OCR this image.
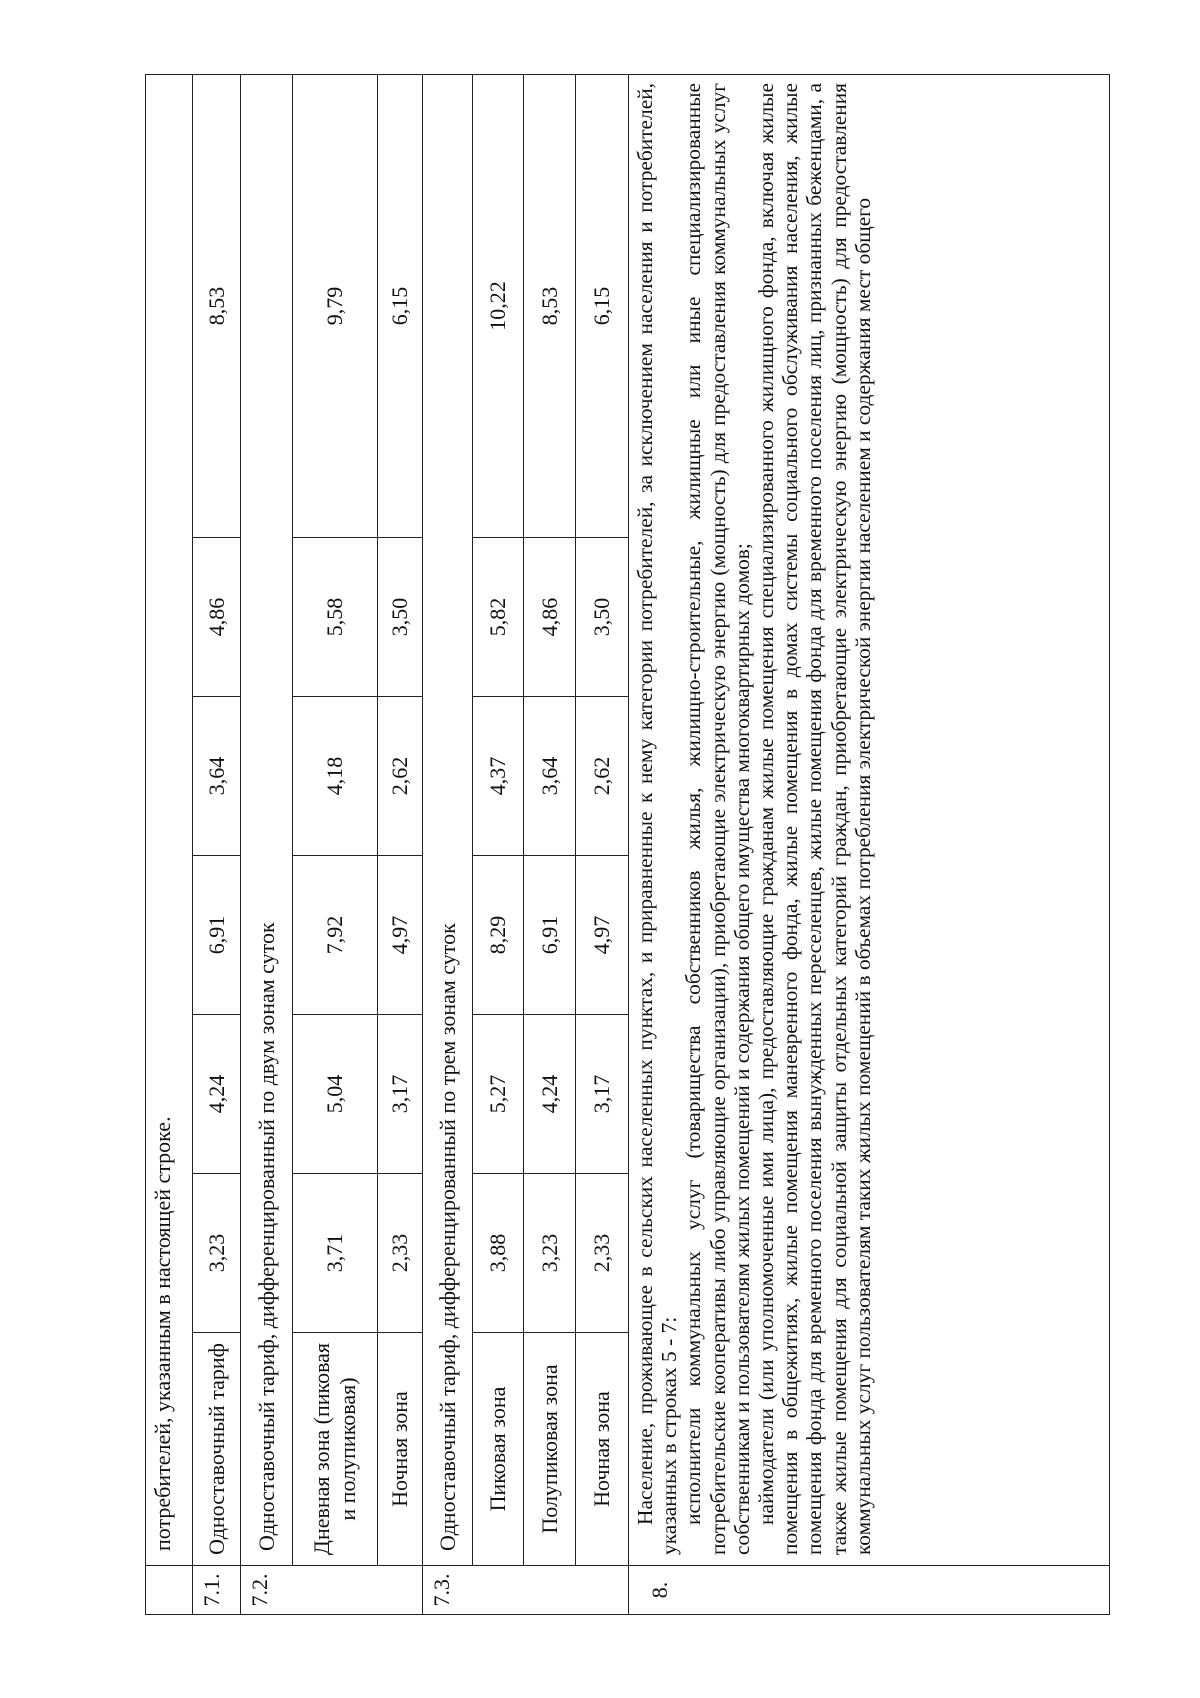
	потребителей, указанным в настоящей строке.						
7.1.	Одноставочный тариф	3,23	4,24	6,91	3,64	4,86	8,53
7.2.	Одноставочный тариф, дифференцированный по двум зонам суток						
	Дневная зона (пиковая и полупиковая)	3,71	5,04	7,92	4,18	5,58	9,79
	Ночная зона	2,33	3,17	4,97	2,62	3,50	6,15
7.3.	Одноставочный тариф, дифференцированный по трем зонам суток						
	Пиковая зона	3,88	5,27	8,29	4,37	5,82	10,22
	Полупиковая зона	3,23	4,24	6,91	3,64	4,86	8,53
	Ночная зона	2,33	3,17	4,97	2,62	3,50	6,15
8.	Население, проживающее в сельских населенных пунктах, и приравненные к нему категории потребителей, за исключением населения и потребителей, указанных в строках 5 - 7: исполнители коммунальных услуг (товарищества собственников жилья, жилищно-строительные, жилищные или иные специализированные потребительские кооперативы либо управляющие организации), приобретающие электрическую энергию (мощность) для предоставления коммунальных услуг собственникам и пользователям жилых помещений и содержания общего имущества многоквартирных домов; наймодатели (или уполномоченные ими лица), предоставляющие гражданам жилые помещения специализированного жилищного фонда, включая жилые помещения в общежитиях, жилые помещения маневренного фонда, жилые помещения в домах системы социального обслуживания населения, жилые помещения фонда для временного поселения вынужденных переселенцев, жилые помещения фонда для временного поселения лиц, признанных беженцами, а также жилые помещения для социальной защиты отдельных категорий граждан, приобретающие электрическую энергию (мощность) для предоставления коммунальных услуг пользователям таких жилых помещений в объемах потребления электрической энергии населением и содержания мест общего						
